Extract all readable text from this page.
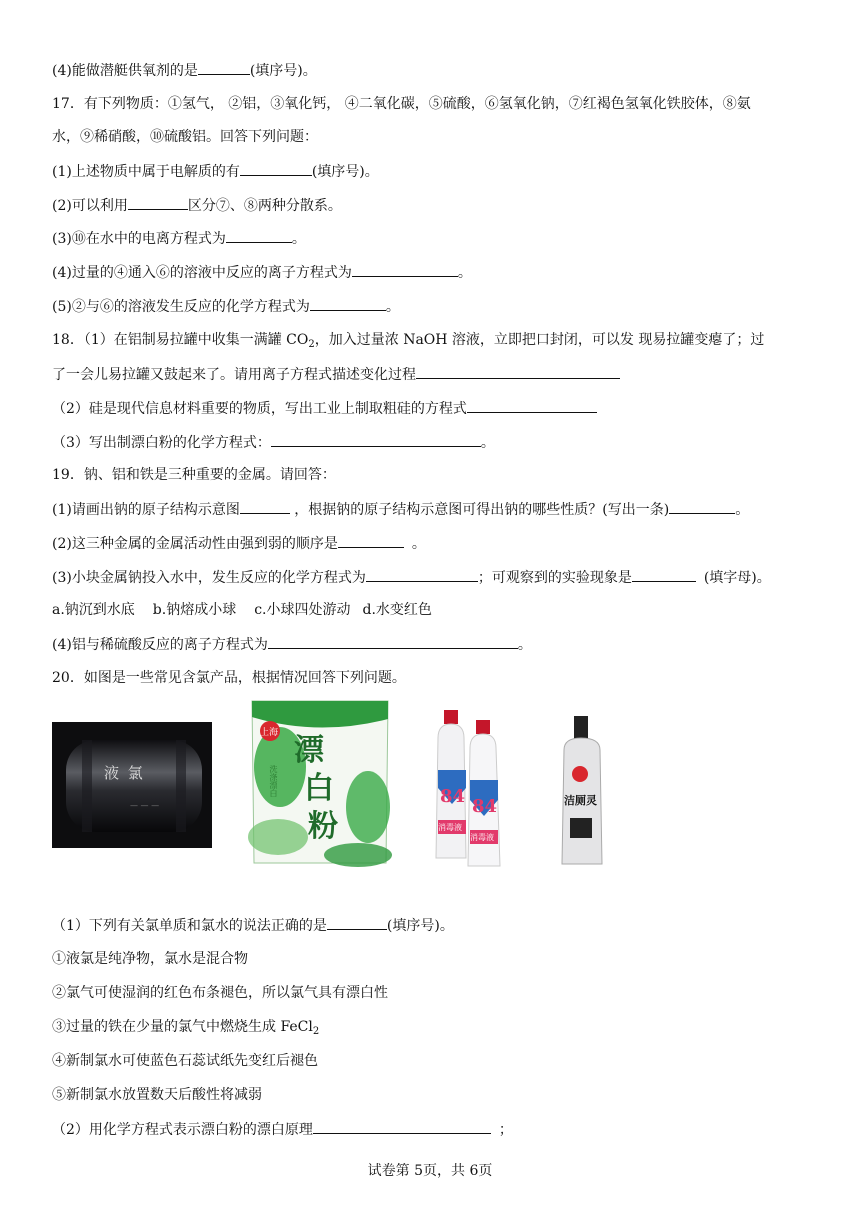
(4)能做潜艇供氧剂的是	(填序号)。
17．有下列物质：①氢气， ②铝，③氧化钙， ④二氧化碳，⑤硫酸，⑥氢氧化钠，⑦红褐色氢氧化铁胶体，⑧氨
水，⑨稀硝酸，⑩硫酸铝。回答下列问题：
(1)上述物质中属于电解质的有	(填序号)。
(2)可以利用	区分⑦、⑧两种分散系。
(3)⑩在水中的电离方程式为	。
(4)过量的④通入⑥的溶液中反应的离子方程式为	。
(5)②与⑥的溶液发生反应的化学方程式为	。
18．（1）在铝制易拉罐中收集一满罐 $CO_2$，加入过量浓 NaOH 溶液，立即把口封闭，可以发 现易拉罐变瘪了；过
了一会儿易拉罐又鼓起来了。请用离子方程式描述变化过程
（2）硅是现代信息材料重要的物质，写出工业上制取粗硅的方程式
（3）写出制漂白粉的化学方程式：	。
19．钠、铝和铁是三种重要的金属。请回答：
(1)请画出钠的原子结构示意图	，根据钠的原子结构示意图可得出钠的哪些性质？(写出一条)	。
(2)这三种金属的金属活动性由强到弱的顺序是	。
(3)小块金属钠投入水中，发生反应的化学方程式为	；可观察到的实验现象是	(填字母)。
a.钠沉到水底 b.钠熔成小球 c.小球四处游动 d.水变红色
(4)铝与稀硫酸反应的离子方程式为	。
20．如图是一些常见含氯产品，根据情况回答下列问题。
— — —
液 氯
上海 漂
白
粉
洗涤漂白	84 84
消毒液
消毒液
洁厕灵
（1）下列有关氯单质和氯水的说法正确的是	(填序号)。
①液氯是纯净物，氯水是混合物
②氯气可使湿润的红色布条褪色，所以氯气具有漂白性
③过量的铁在少量的氯气中燃烧生成 FeCl$_2$
④新制氯水可使蓝色石蕊试纸先变红后褪色
⑤新制氯水放置数天后酸性将减弱
（2）用化学方程式表示漂白粉的漂白原理	；
试卷第 5页，共 6页
